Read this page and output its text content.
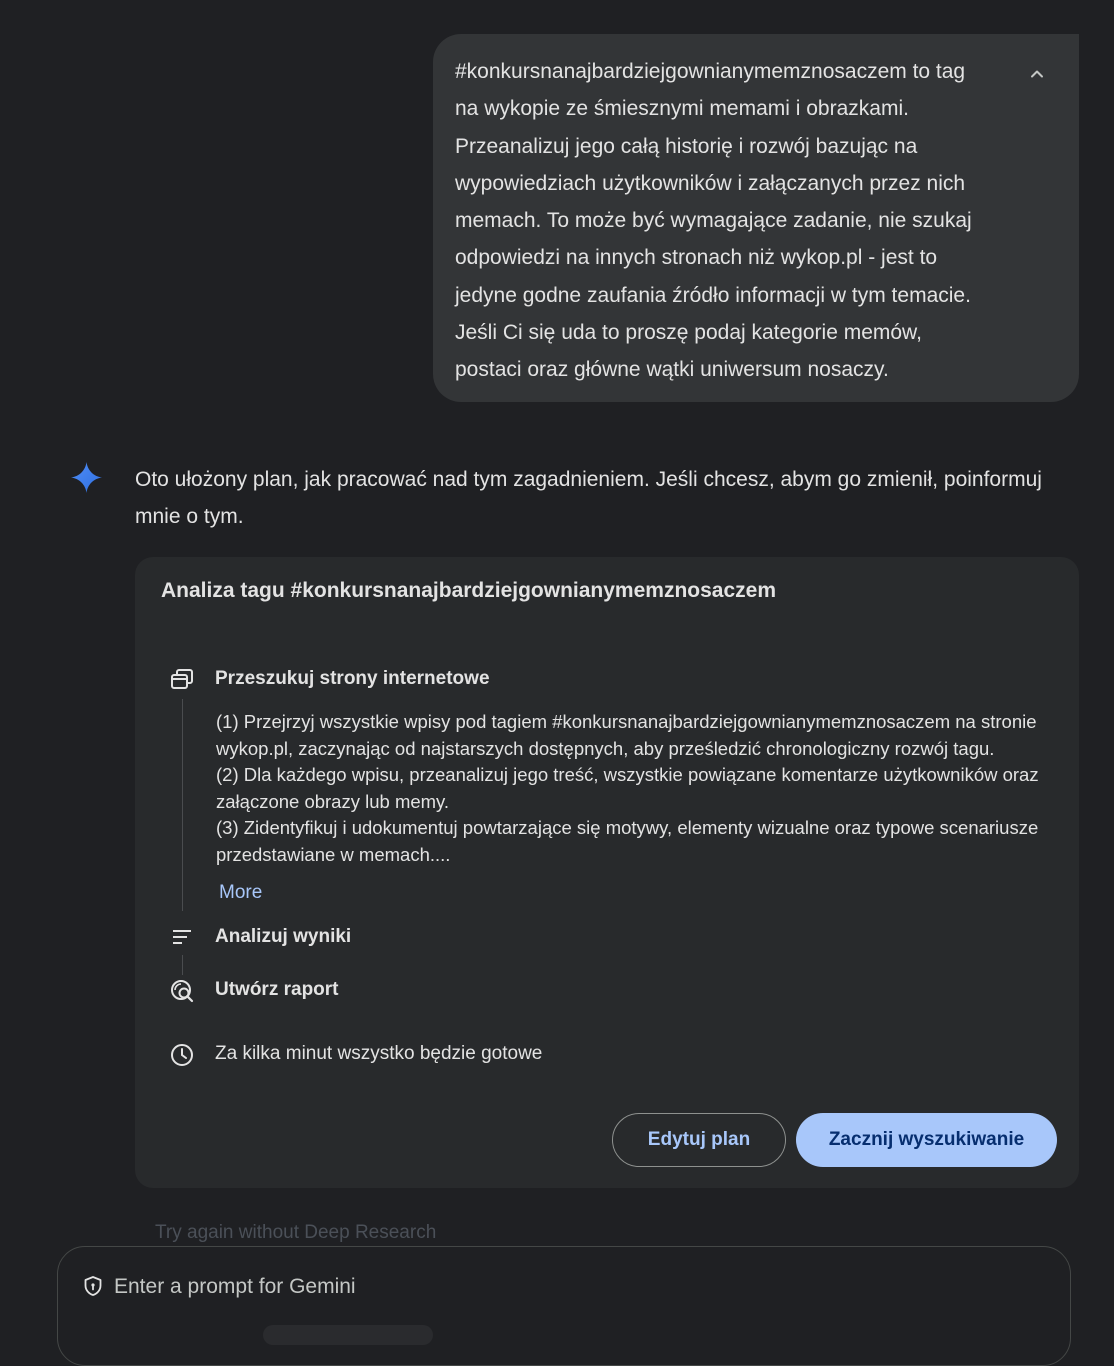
#konkursnanajbardziejgownianymemznosaczem to tag
na wykopie ze śmiesznymi memami i obrazkami.
Przeanalizuj jego całą historię i rozwój bazując na
wypowiedziach użytkowników i załączanych przez nich
memach. To może być wymagające zadanie, nie szukaj
odpowiedzi na innych stronach niż wykop.pl - jest to
jedyne godne zaufania źródło informacji w tym temacie.
Jeśli Ci się uda to proszę podaj kategorie memów,
postaci oraz główne wątki uniwersum nosaczy.
Oto ułożony plan, jak pracować nad tym zagadnieniem. Jeśli chcesz, abym go zmienił, poinformuj mnie o tym.
Analiza tagu #konkursnanajbardziejgownianymemznosaczem
Przeszukuj strony internetowe
(1) Przejrzyj wszystkie wpisy pod tagiem #konkursnanajbardziejgownianymemznosaczem na stronie wykop.pl, zaczynając od najstarszych dostępnych, aby prześledzić chronologiczny rozwój tagu.
(2) Dla każdego wpisu, przeanalizuj jego treść, wszystkie powiązane komentarze użytkowników oraz załączone obrazy lub memy.
(3) Zidentyfikuj i udokumentuj powtarzające się motywy, elementy wizualne oraz typowe scenariusze przedstawiane w memach....
More
Analizuj wyniki
Utwórz raport
Za kilka minut wszystko będzie gotowe
Edytuj plan	Zacznij wyszukiwanie
Try again without Deep Research
Enter a prompt for Gemini
